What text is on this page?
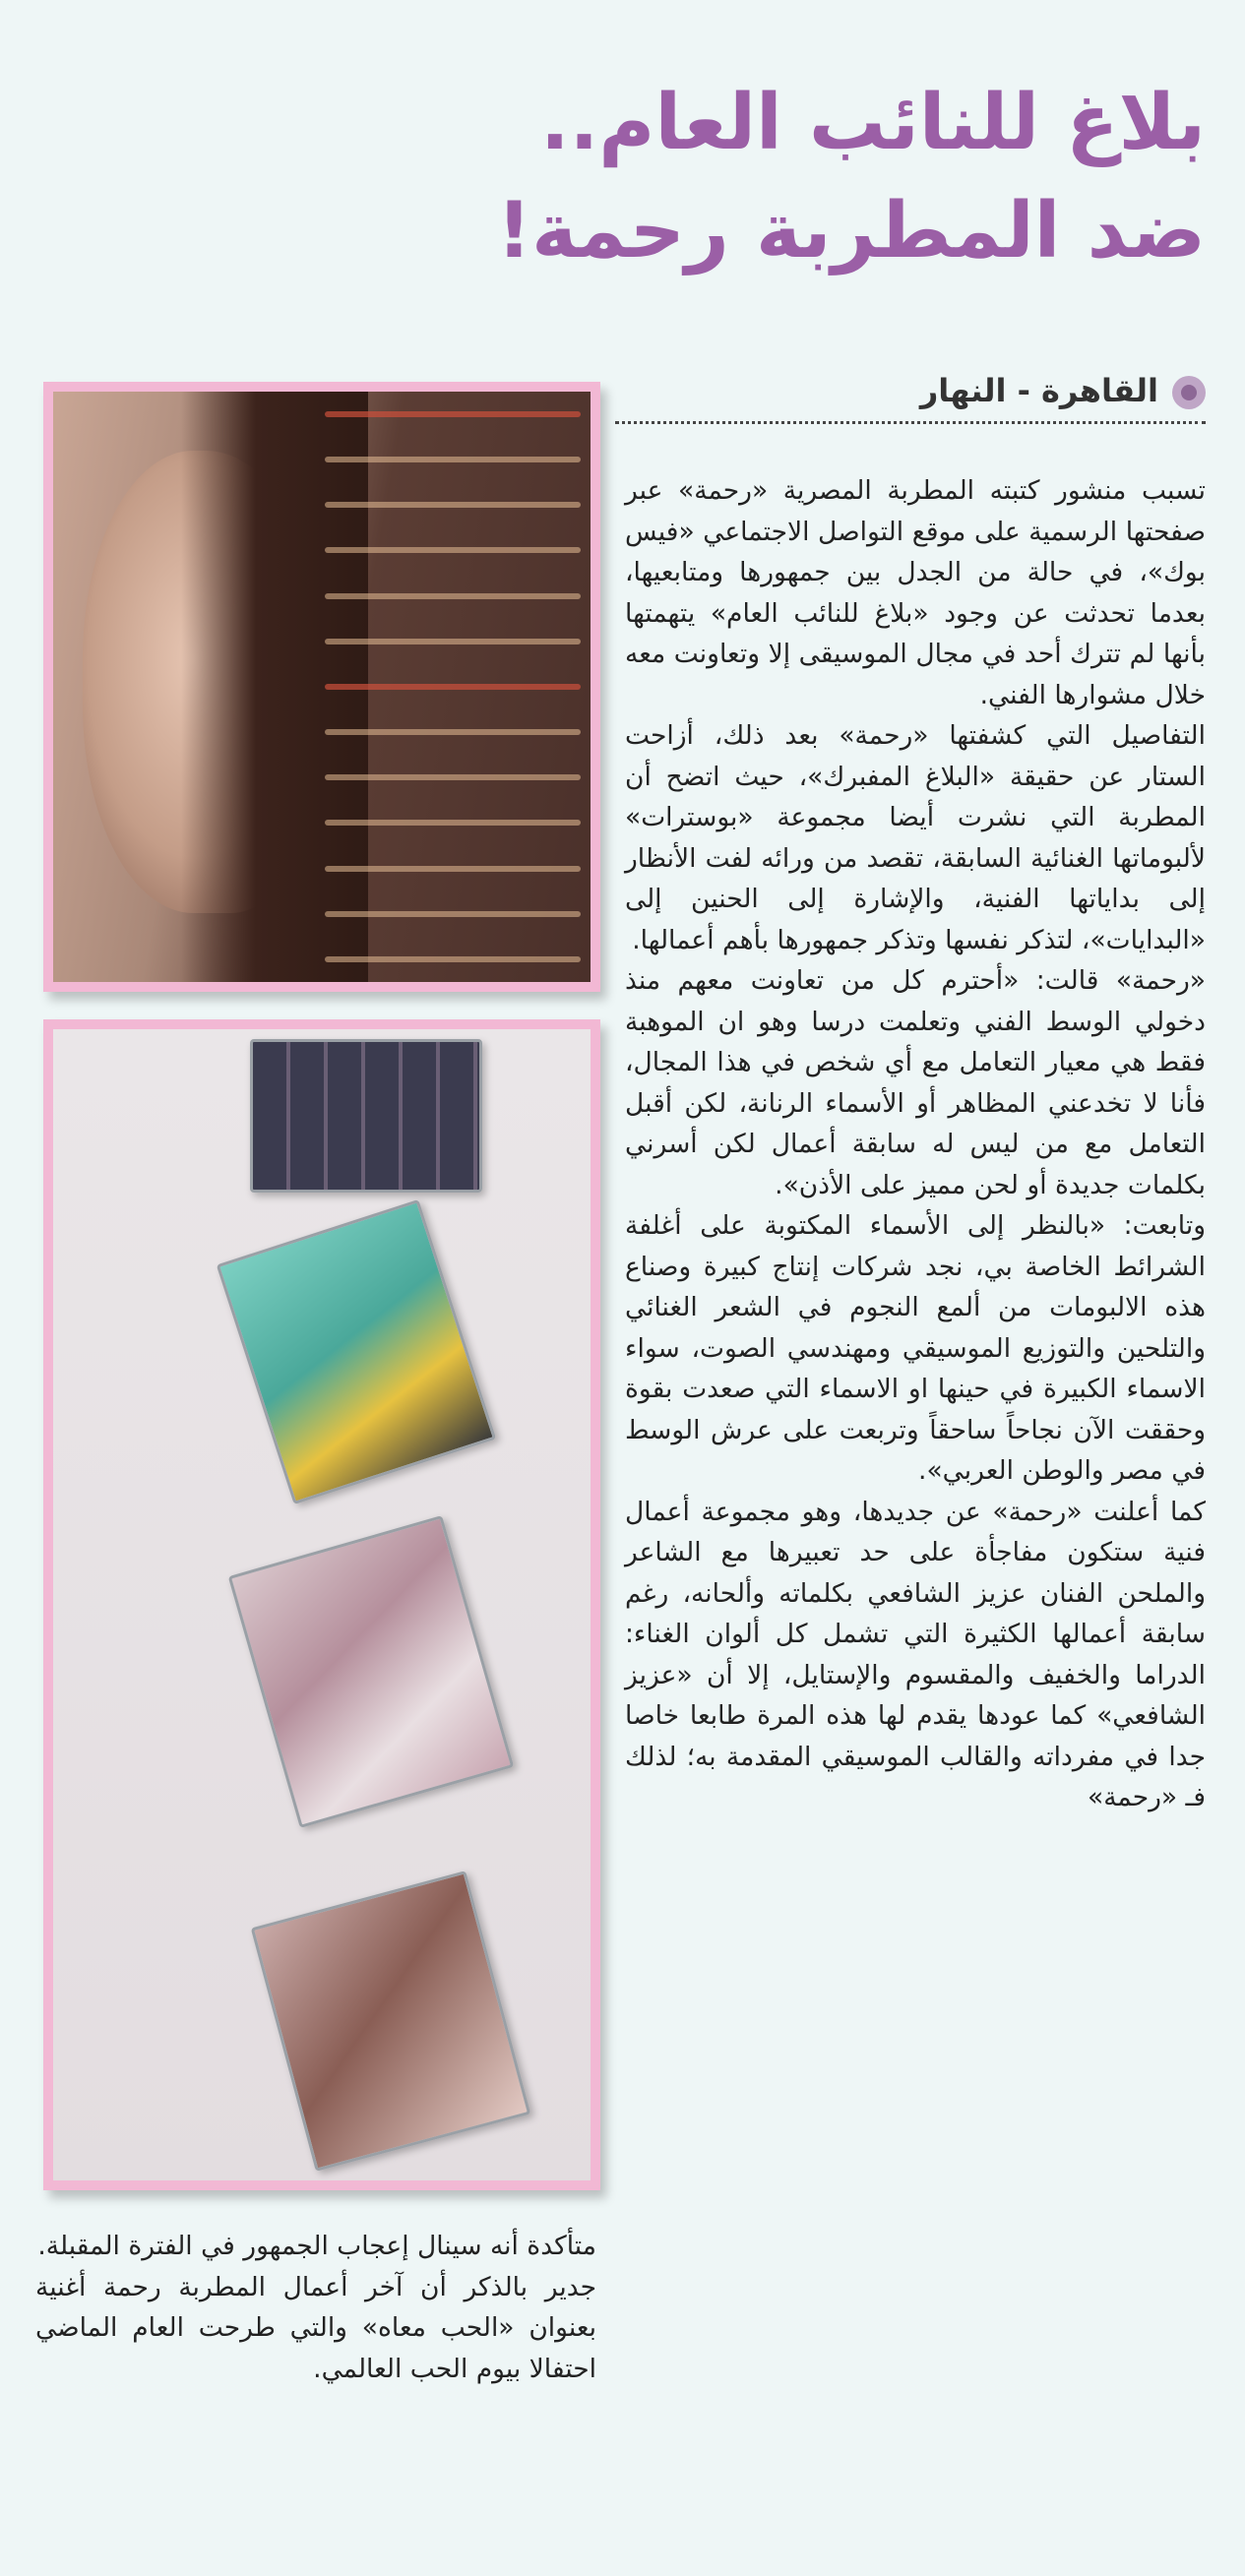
بلاغ للنائب العام..
ضد المطربة رحمة!
القاهرة - النهار

تسبب منشور كتبته المطربة المصرية «رحمة» عبر صفحتها الرسمية على موقع التواصل الاجتماعي «فيس بوك»، في حالة من الجدل بين جمهورها ومتابعيها، بعدما تحدثت عن وجود «بلاغ للنائب العام» يتهمتها بأنها لم تترك أحد في مجال الموسيقى إلا وتعاونت معه خلال مشوارها الفني.

التفاصيل التي كشفتها «رحمة» بعد ذلك، أزاحت الستار عن حقيقة «البلاغ المفبرك»، حيث اتضح أن المطربة التي نشرت أيضا مجموعة «بوسترات» لألبوماتها الغنائية السابقة، تقصد من ورائه لفت الأنظار إلى بداياتها الفنية، والإشارة إلى الحنين إلى «البدايات»، لتذكر نفسها وتذكر جمهورها بأهم أعمالها.

«رحمة» قالت: «أحترم كل من تعاونت معهم منذ دخولي الوسط الفني وتعلمت درسا وهو ان الموهبة فقط هي معيار التعامل مع أي شخص في هذا المجال، فأنا لا تخدعني المظاهر أو الأسماء الرنانة، لكن أقبل التعامل مع من ليس له سابقة أعمال لكن أسرني بكلمات جديدة أو لحن مميز على الأذن».

وتابعت: «بالنظر إلى الأسماء المكتوبة على أغلفة الشرائط الخاصة بي، نجد شركات إنتاج كبيرة وصناع هذه الالبومات من ألمع النجوم في الشعر الغنائي والتلحين والتوزيع الموسيقي ومهندسي الصوت، سواء الاسماء الكبيرة في حينها او الاسماء التي صعدت بقوة وحققت الآن نجاحاً ساحقاً وتربعت على عرش الوسط في مصر والوطن العربي».

كما أعلنت «رحمة» عن جديدها، وهو مجموعة أعمال فنية ستكون مفاجأة على حد تعبيرها مع الشاعر والملحن الفنان عزيز الشافعي بكلماته وألحانه، رغم سابقة أعمالها الكثيرة التي تشمل كل ألوان الغناء: الدراما والخفيف والمقسوم والإستايل، إلا أن «عزيز الشافعي» كما عودها يقدم لها هذه المرة طابعا خاصا جدا في مفرداته والقالب الموسيقي المقدمة به؛ لذلك فـ «رحمة»

متأكدة أنه سينال إعجاب الجمهور في الفترة المقبلة.

جدير بالذكر أن آخر أعمال المطربة رحمة أغنية بعنوان «الحب معاه» والتي طرحت العام الماضي احتفالا بيوم الحب العالمي.
